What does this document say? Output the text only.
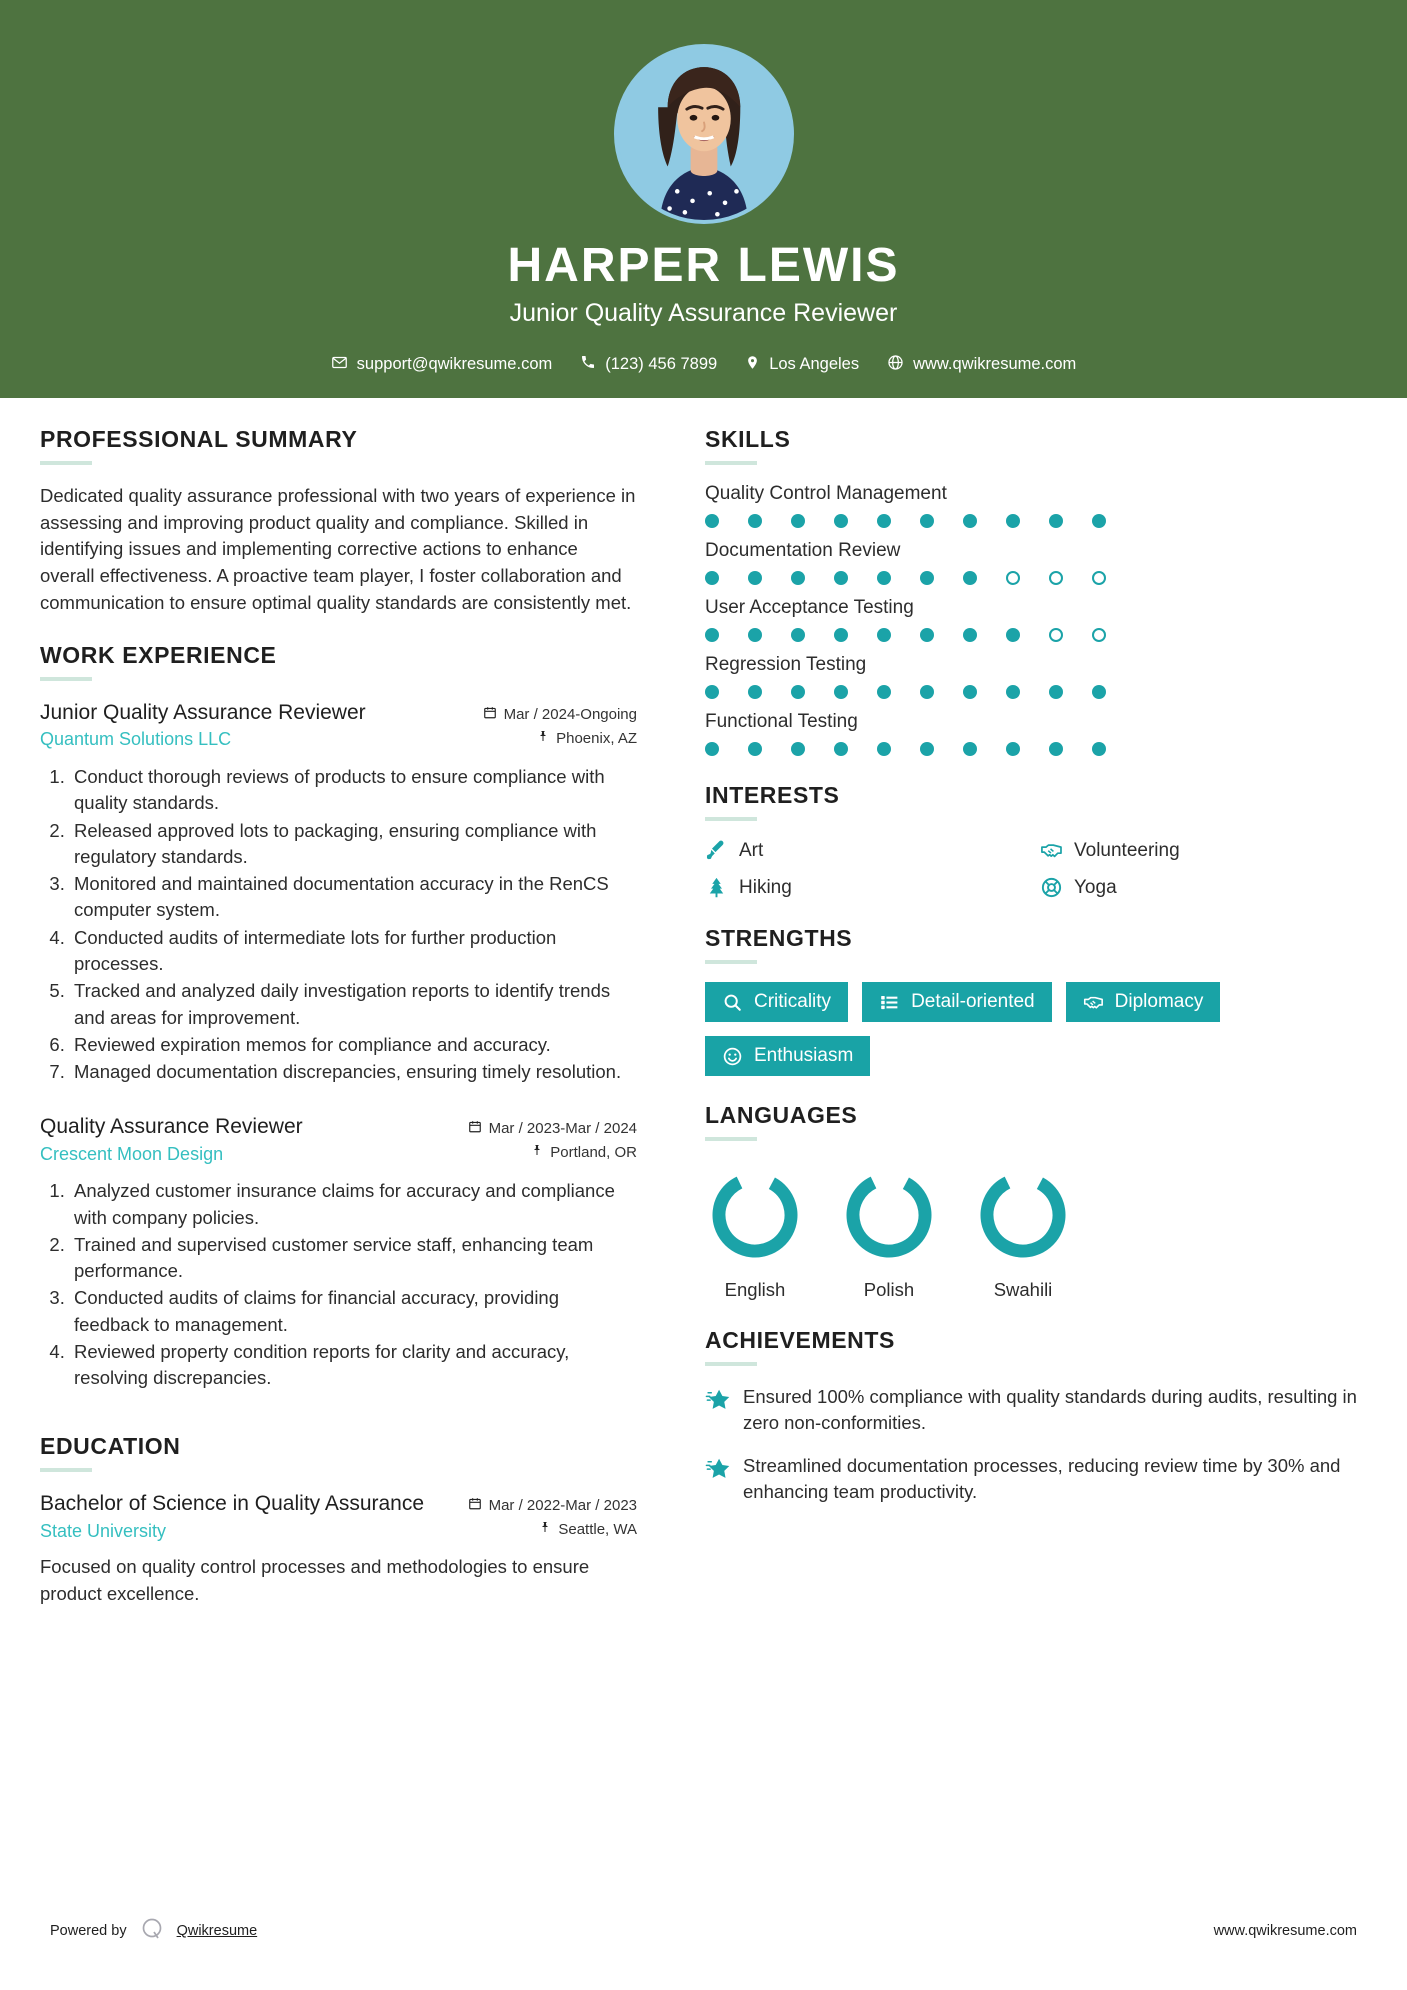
HARPER LEWIS
Junior Quality Assurance Reviewer
support@qwikresume.com	(123) 456 7899	Los Angeles	www.qwikresume.com
PROFESSIONAL SUMMARY
Dedicated quality assurance professional with two years of experience in assessing and improving product quality and compliance. Skilled in identifying issues and implementing corrective actions to enhance overall effectiveness. A proactive team player, I foster collaboration and communication to ensure optimal quality standards are consistently met.
WORK EXPERIENCE
Junior Quality Assurance Reviewer
Quantum Solutions LLC
Mar / 2024-Ongoing
Phoenix, AZ
1. Conduct thorough reviews of products to ensure compliance with quality standards.
2. Released approved lots to packaging, ensuring compliance with regulatory standards.
3. Monitored and maintained documentation accuracy in the RenCS computer system.
4. Conducted audits of intermediate lots for further production processes.
5. Tracked and analyzed daily investigation reports to identify trends and areas for improvement.
6. Reviewed expiration memos for compliance and accuracy.
7. Managed documentation discrepancies, ensuring timely resolution.
Quality Assurance Reviewer
Crescent Moon Design
Mar / 2023-Mar / 2024
Portland, OR
1. Analyzed customer insurance claims for accuracy and compliance with company policies.
2. Trained and supervised customer service staff, enhancing team performance.
3. Conducted audits of claims for financial accuracy, providing feedback to management.
4. Reviewed property condition reports for clarity and accuracy, resolving discrepancies.
EDUCATION
Bachelor of Science in Quality Assurance
State University
Mar / 2022-Mar / 2023
Seattle, WA
Focused on quality control processes and methodologies to ensure product excellence.
SKILLS
Quality Control Management
Documentation Review
User Acceptance Testing
Regression Testing
Functional Testing
INTERESTS
Art	Volunteering
Hiking	Yoga
STRENGTHS
Criticality	Detail-oriented	Diplomacy
Enthusiasm
LANGUAGES
English	Polish	Swahili
ACHIEVEMENTS
Ensured 100% compliance with quality standards during audits, resulting in zero non-conformities.
Streamlined documentation processes, reducing review time by 30% and enhancing team productivity.
Powered by	Qwikresume	www.qwikresume.com
